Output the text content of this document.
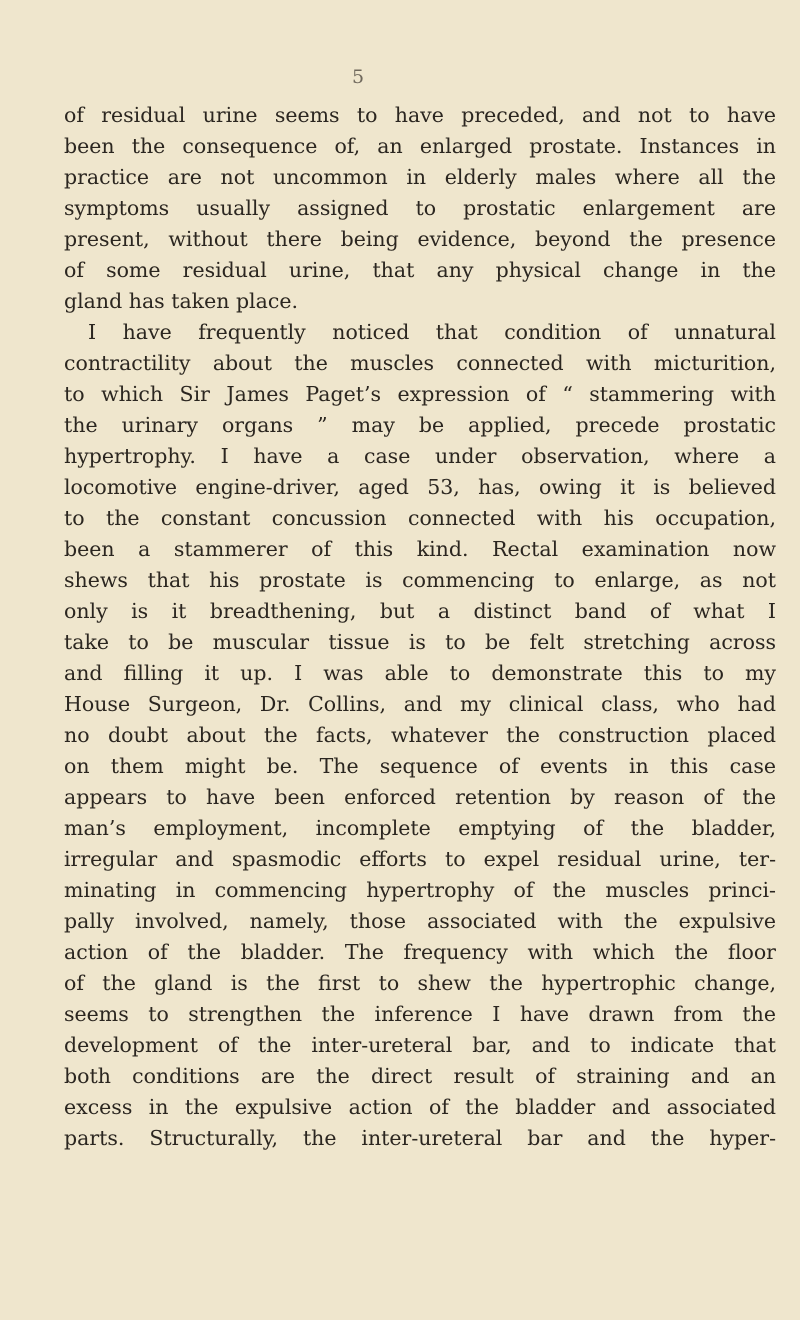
5
of residual urine seems to have preceded, and not to have
been the consequence of, an enlarged prostate. Instances in
practice are not uncommon in elderly males where all the
symptoms usually assigned to prostatic enlargement are
present, without there being evidence, beyond the presence
of some residual urine, that any physical change in the
gland has taken place.
I have frequently noticed that condition of unnatural
contractility about the muscles connected with micturition,
to which Sir James Paget’s expression of “ stammering with
the urinary organs ” may be applied, precede prostatic
hypertrophy. I have a case under observation, where a
locomotive engine-driver, aged 53, has, owing it is believed
to the constant concussion connected with his occupation,
been a stammerer of this kind. Rectal examination now
shews that his prostate is commencing to enlarge, as not
only is it breadthening, but a distinct band of what I
take to be muscular tissue is to be felt stretching across
and filling it up. I was able to demonstrate this to my
House Surgeon, Dr. Collins, and my clinical class, who had
no doubt about the facts, whatever the construction placed
on them might be. The sequence of events in this case
appears to have been enforced retention by reason of the
man’s employment, incomplete emptying of the bladder,
irregular and spasmodic efforts to expel residual urine, ter-
minating in commencing hypertrophy of the muscles princi-
pally involved, namely, those associated with the expulsive
action of the bladder. The frequency with which the floor
of the gland is the first to shew the hypertrophic change,
seems to strengthen the inference I have drawn from the
development of the inter-ureteral bar, and to indicate that
both conditions are the direct result of straining and an
excess in the expulsive action of the bladder and associated
parts. Structurally, the inter-ureteral bar and the hyper-
